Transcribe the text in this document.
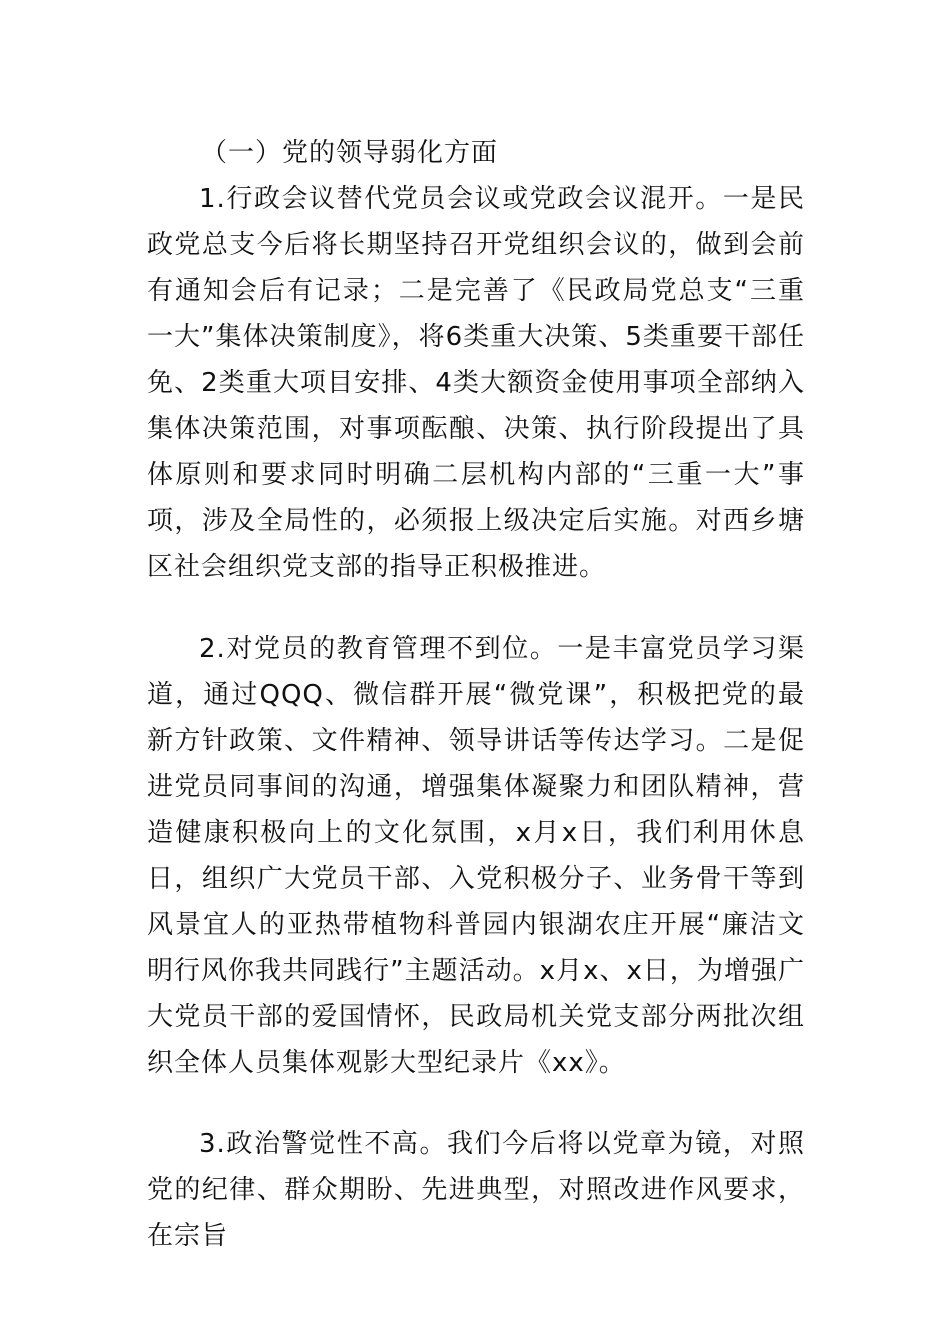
（一）党的领导弱化方面

1.行政会议替代党员会议或党政会议混开。一是民政党总支今后将长期坚持召开党组织会议的，做到会前有通知会后有记录；二是完善了《民政局党总支“三重一大”集体决策制度》，将6类重大决策、5类重要干部任免、2类重大项目安排、4类大额资金使用事项全部纳入集体决策范围，对事项酝酿、决策、执行阶段提出了具体原则和要求同时明确二层机构内部的“三重一大”事项，涉及全局性的，必须报上级决定后实施。对西乡塘区社会组织党支部的指导正积极推进。

2.对党员的教育管理不到位。一是丰富党员学习渠道，通过QQQ、微信群开展“微党课”，积极把党的最新方针政策、文件精神、领导讲话等传达学习。二是促进党员同事间的沟通，增强集体凝聚力和团队精神，营造健康积极向上的文化氛围，x月x日，我们利用休息日，组织广大党员干部、入党积极分子、业务骨干等到风景宜人的亚热带植物科普园内银湖农庄开展“廉洁文明行风你我共同践行”主题活动。x月x、x日，为增强广大党员干部的爱国情怀，民政局机关党支部分两批次组织全体人员集体观影大型纪录片《xx》。

3.政治警觉性不高。我们今后将以党章为镜，对照党的纪律、群众期盼、先进典型，对照改进作风要求，在宗旨
